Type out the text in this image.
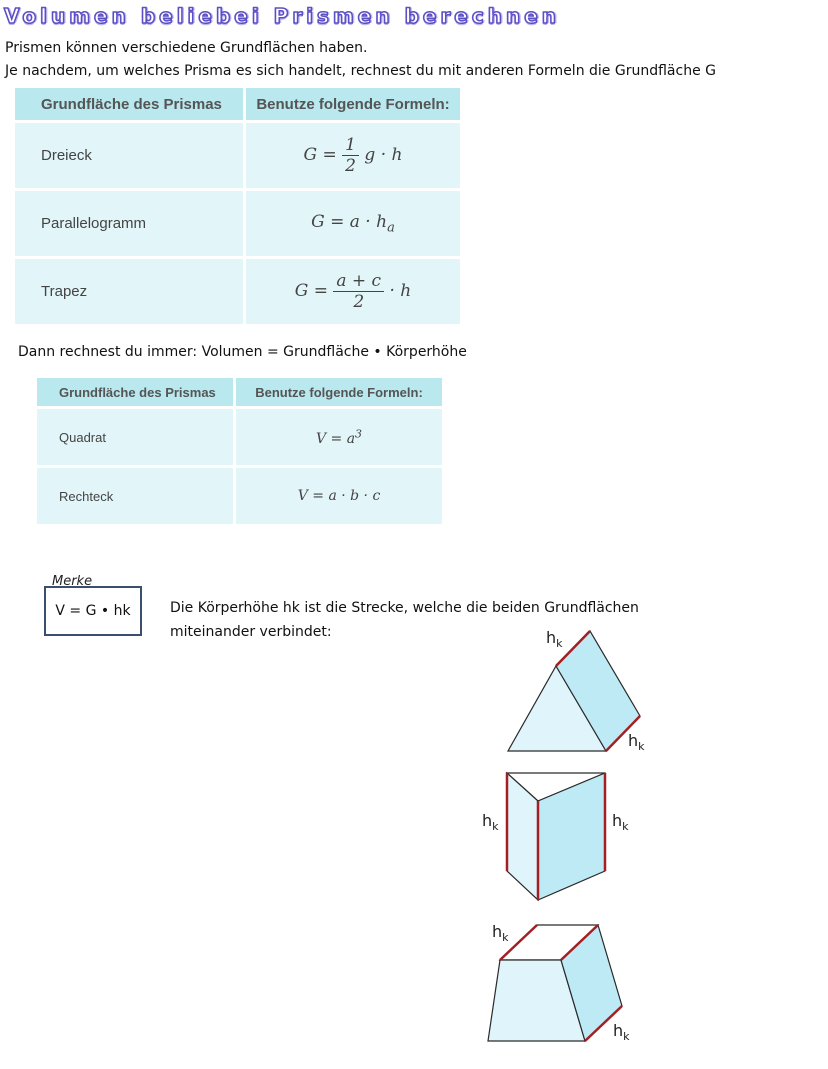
Volumen beliebei Prismen berechnen
Prismen können verschiedene Grundflächen haben.
Je nachdem, um welches Prisma es sich handelt, rechnest du mit anderen Formeln die Grundfläche G
Grundfläche des Prismas	Benutze folgende Formeln:
Dreieck	$G = \frac{1}{2}$ g · h
Parallelogramm	$G = a \cdot h_a$
Trapez	$G = \frac{a + c}{2} \cdot h$
Dann rechnest du immer: Volumen = Grundfläche • Körperhöhe
Grundfläche des Prismas	Benutze folgende Formeln:
Quadrat	$V = a^3$
Rechteck	V = a · b · c
Merke
V = G • hk	Die Körperhöhe hk ist die Strecke, welche die beiden Grundflächen miteinander verbindet:	$h_k$
$h_k$
$h_k$	$h_k$
$h_k$
$h_k$
